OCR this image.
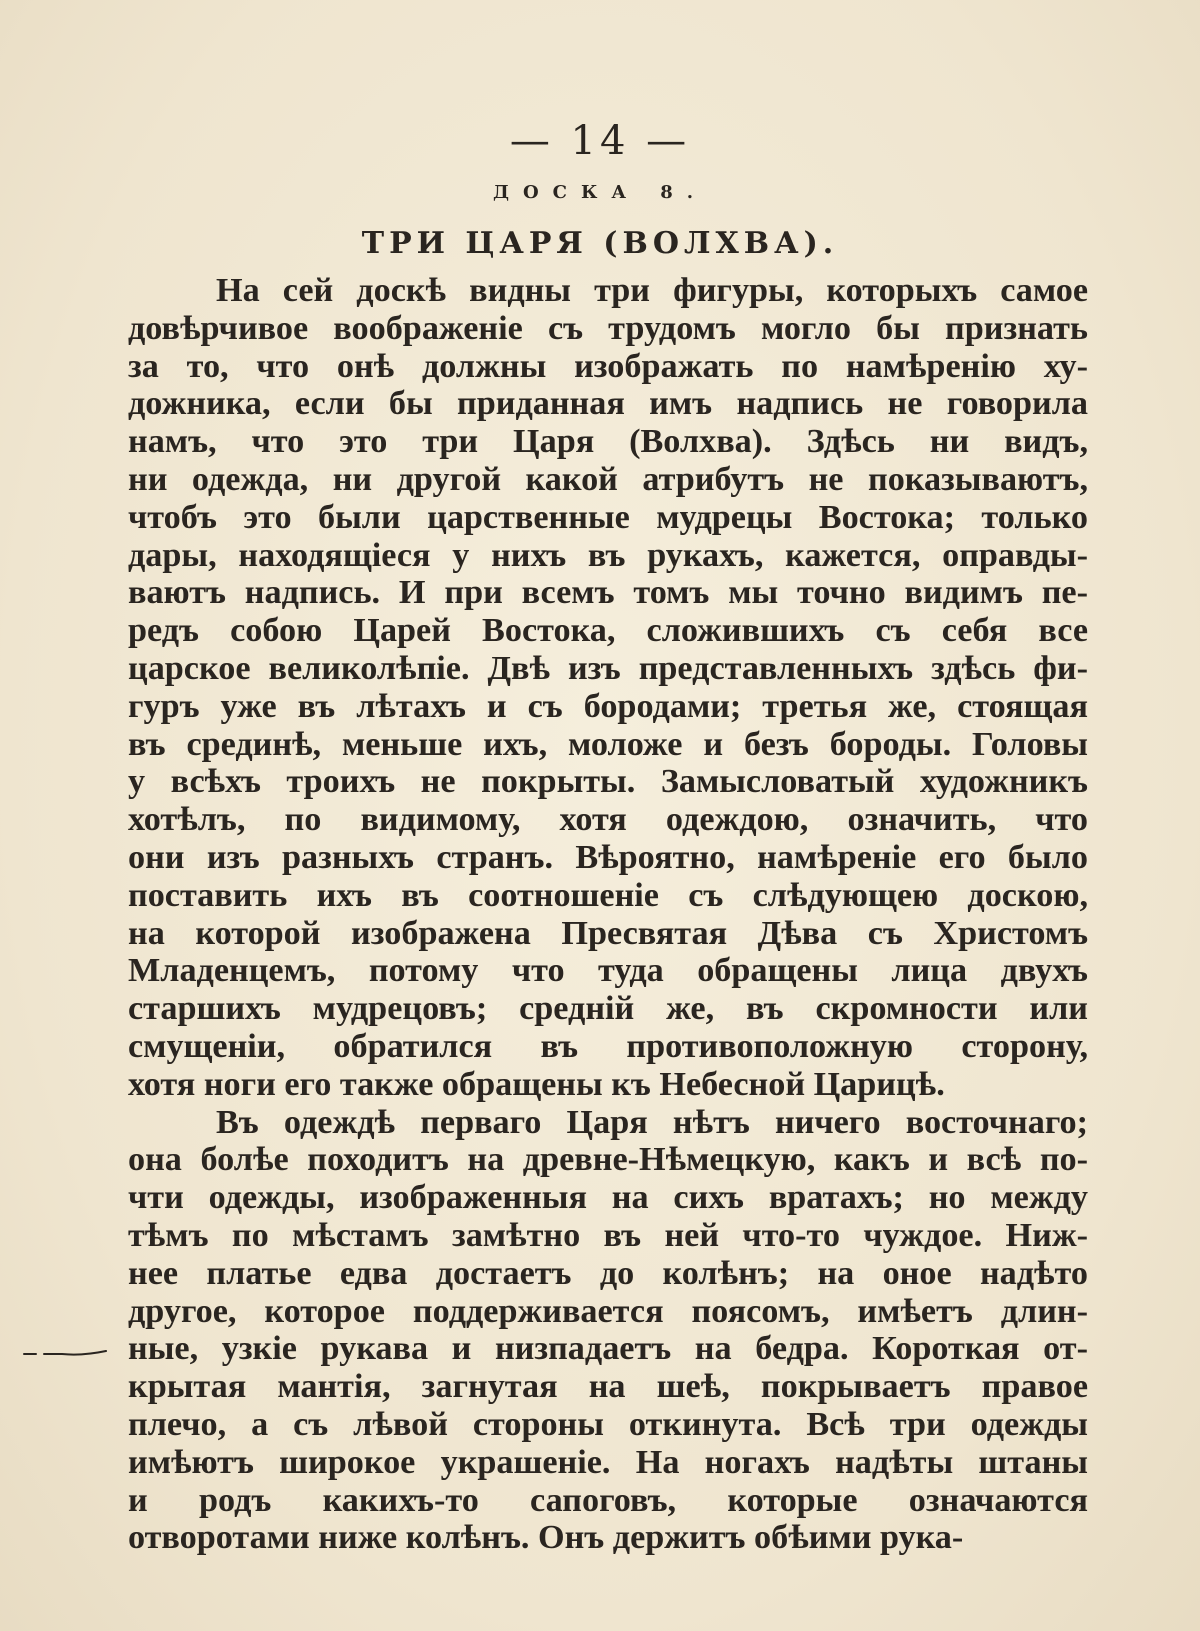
— 14 —
ДОСКА 8.
ТРИ ЦАРЯ (ВОЛХВА).
На сей доскѣ видны три фигуры, которыхъ самое
довѣрчивое воображенie съ трудомъ могло бы признать
за то, что онѣ должны изображать по намѣренiю ху-
дожника, если бы приданная имъ надпись не говорила
намъ, что это три Царя (Волхва). Здѣсь ни видъ,
ни одежда, ни другой какой атрибутъ не показываютъ,
чтобъ это были царственные мудрецы Востока; только
дары, находящiеся у нихъ въ рукахъ, кажется, оправды-
ваютъ надпись. И при всемъ томъ мы точно видимъ пе-
редъ собою Царей Востока, сложившихъ съ себя все
царское великолѣпie. Двѣ изъ представленныхъ здѣсь фи-
гуръ уже въ лѣтахъ и съ бородами; третья же, стоящая
въ срединѣ, меньше ихъ, моложе и безъ бороды. Головы
у всѣхъ троихъ не покрыты. Замысловатый художникъ
хотѣлъ, по видимому, хотя одеждою, означить, что
они изъ разныхъ странъ. Вѣроятно, намѣренie его было
поставить ихъ въ соотношенie съ слѣдующею доскою,
на которой изображена Пресвятая Дѣва съ Христомъ
Младенцемъ, потому что туда обращены лица двухъ
старшихъ мудрецовъ; среднiй же, въ скромности или
смущенiи, обратился въ противоположную сторону,
хотя ноги его также обращены къ Небесной Царицѣ.
Въ одеждѣ перваго Царя нѣтъ ничего восточнаго;
она болѣе походитъ на древне-Нѣмецкую, какъ и всѣ по-
чти одежды, изображенныя на сихъ вратахъ; но между
тѣмъ по мѣстамъ замѣтно въ ней что-то чуждое. Ниж-
нее платье едва достаетъ до колѣнъ; на оное надѣто
другое, которое поддерживается поясомъ, имѣетъ длин-
ные, узкie рукава и низпадаетъ на бедра. Короткая от-
крытая мантiя, загнутая на шеѣ, покрываетъ правое
плечо, а съ лѣвой стороны откинута. Всѣ три одежды
имѣютъ широкое украшенie. На ногахъ надѣты штаны
и родъ какихъ-то сапоговъ, которые означаются
отворотами ниже колѣнъ. Онъ держитъ обѣими рука-
